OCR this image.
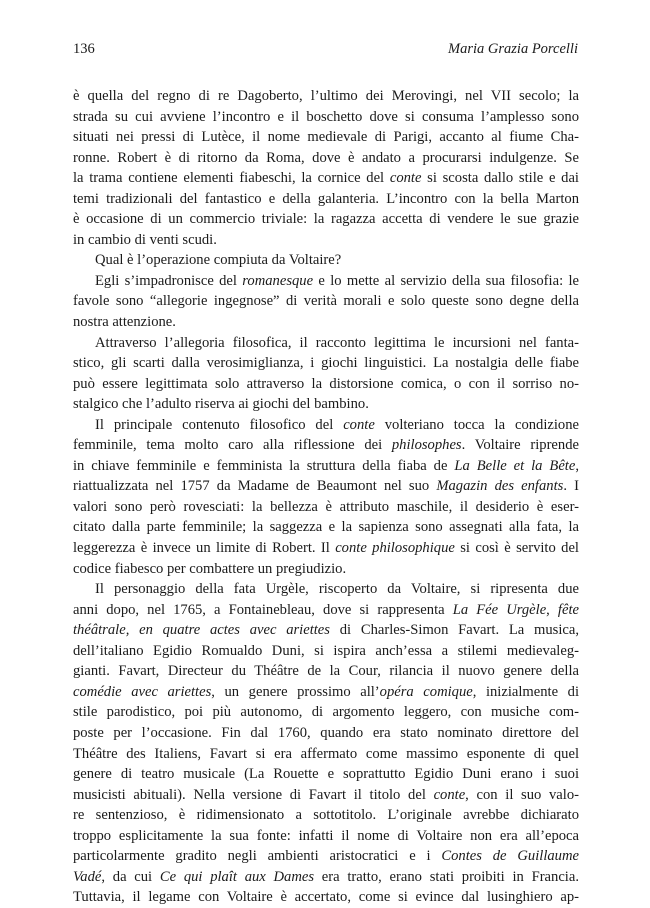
136	Maria Grazia Porcelli
è quella del regno di re Dagoberto, l’ultimo dei Merovingi, nel VII secolo; la
strada su cui avviene l’incontro e il boschetto dove si consuma l’amplesso sono
situati nei pressi di Lutèce, il nome medievale di Parigi, accanto al fiume Cha-
ronne. Robert è di ritorno da Roma, dove è andato a procurarsi indulgenze. Se
la trama contiene elementi fiabeschi, la cornice del conte si scosta dallo stile e dai
temi tradizionali del fantastico e della galanteria. L’incontro con la bella Marton
è occasione di un commercio triviale: la ragazza accetta di vendere le sue grazie
in cambio di venti scudi.
Qual è l’operazione compiuta da Voltaire?
Egli s’impadronisce del romanesque e lo mette al servizio della sua filosofia: le
favole sono “allegorie ingegnose” di verità morali e solo queste sono degne della
nostra attenzione.
Attraverso l’allegoria filosofica, il racconto legittima le incursioni nel fanta-
stico, gli scarti dalla verosimiglianza, i giochi linguistici. La nostalgia delle fiabe
può essere legittimata solo attraverso la distorsione comica, o con il sorriso no-
stalgico che l’adulto riserva ai giochi del bambino.
Il principale contenuto filosofico del conte volteriano tocca la condizione
femminile, tema molto caro alla riflessione dei philosophes. Voltaire riprende
in chiave femminile e femminista la struttura della fiaba de La Belle et la Bête,
riattualizzata nel 1757 da Madame de Beaumont nel suo Magazin des enfants. I
valori sono però rovesciati: la bellezza è attributo maschile, il desiderio è eser-
citato dalla parte femminile; la saggezza e la sapienza sono assegnati alla fata, la
leggerezza è invece un limite di Robert. Il conte philosophique si così è servito del
codice fiabesco per combattere un pregiudizio.
Il personaggio della fata Urgèle, riscoperto da Voltaire, si ripresenta due
anni dopo, nel 1765, a Fontainebleau, dove si rappresenta La Fée Urgèle, fête
théâtrale, en quatre actes avec ariettes di Charles-Simon Favart. La musica,
dell’italiano Egidio Romualdo Duni, si ispira anch’essa a stilemi medievaleg-
gianti. Favart, Directeur du Théâtre de la Cour, rilancia il nuovo genere della
comédie avec ariettes, un genere prossimo all’opéra comique, inizialmente di
stile parodistico, poi più autonomo, di argomento leggero, con musiche com-
poste per l’occasione. Fin dal 1760, quando era stato nominato direttore del
Théâtre des Italiens, Favart si era affermato come massimo esponente di quel
genere di teatro musicale (La Rouette e soprattutto Egidio Duni erano i suoi
musicisti abituali). Nella versione di Favart il titolo del conte, con il suo valo-
re sentenzioso, è ridimensionato a sottotitolo. L’originale avrebbe dichiarato
troppo esplicitamente la sua fonte: infatti il nome di Voltaire non era all’epoca
particolarmente gradito negli ambienti aristocratici e i Contes de Guillaume
Vadé, da cui Ce qui plaît aux Dames era tratto, erano stati proibiti in Francia.
Tuttavia, il legame con Voltaire è accertato, come si evince dal lusinghiero ap-
